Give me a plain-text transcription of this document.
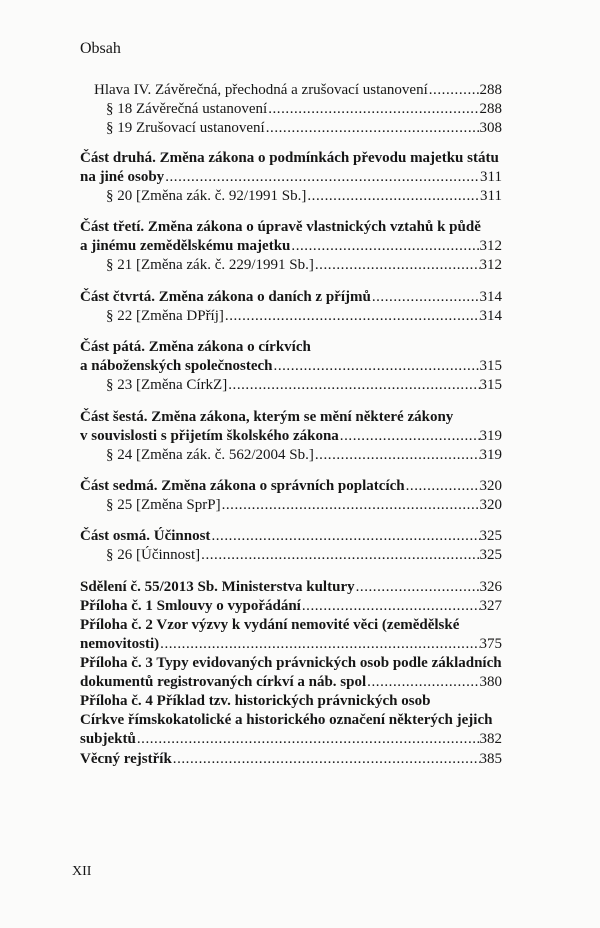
Obsah
Hlava IV. Závěrečná, přechodná a zrušovací ustanovení . . .	288
§ 18 Závěrečná ustanovení . . .	288
§ 19 Zrušovací ustanovení . . .	308
Část druhá. Změna zákona o podmínkách převodu majetku státu
na jiné osoby . . .	311
§ 20 [Změna zák. č. 92/1991 Sb.] . . .	311
Část třetí. Změna zákona o úpravě vlastnických vztahů k půdě
a jinému zemědělskému majetku . . .	312
§ 21 [Změna zák. č. 229/1991 Sb.] . . .	312
Část čtvrtá. Změna zákona o daních z příjmů . . .	314
§ 22 [Změna DPříj] . . .	314
Část pátá. Změna zákona o církvích
a náboženských společnostech . . .	315
§ 23 [Změna CírkZ] . . .	315
Část šestá. Změna zákona, kterým se mění některé zákony
v souvislosti s přijetím školského zákona . . .	319
§ 24 [Změna zák. č. 562/2004 Sb.] . . .	319
Část sedmá. Změna zákona o správních poplatcích . . .	320
§ 25 [Změna SprP] . . .	320
Část osmá. Účinnost . . .	325
§ 26 [Účinnost] . . .	325
Sdělení č. 55/2013 Sb. Ministerstva kultury . . .	326
Příloha č. 1 Smlouvy o vypořádání . . .	327
Příloha č. 2 Vzor výzvy k vydání nemovité věci (zemědělské
nemovitosti) . . .	375
Příloha č. 3 Typy evidovaných právnických osob podle základních
dokumentů registrovaných církví a náb. spol . . .	380
Příloha č. 4 Příklad tzv. historických právnických osob
Církve římskokatolické a historického označení některých jejich
subjektů . . .	382
Věcný rejstřík . . .	385
XII
